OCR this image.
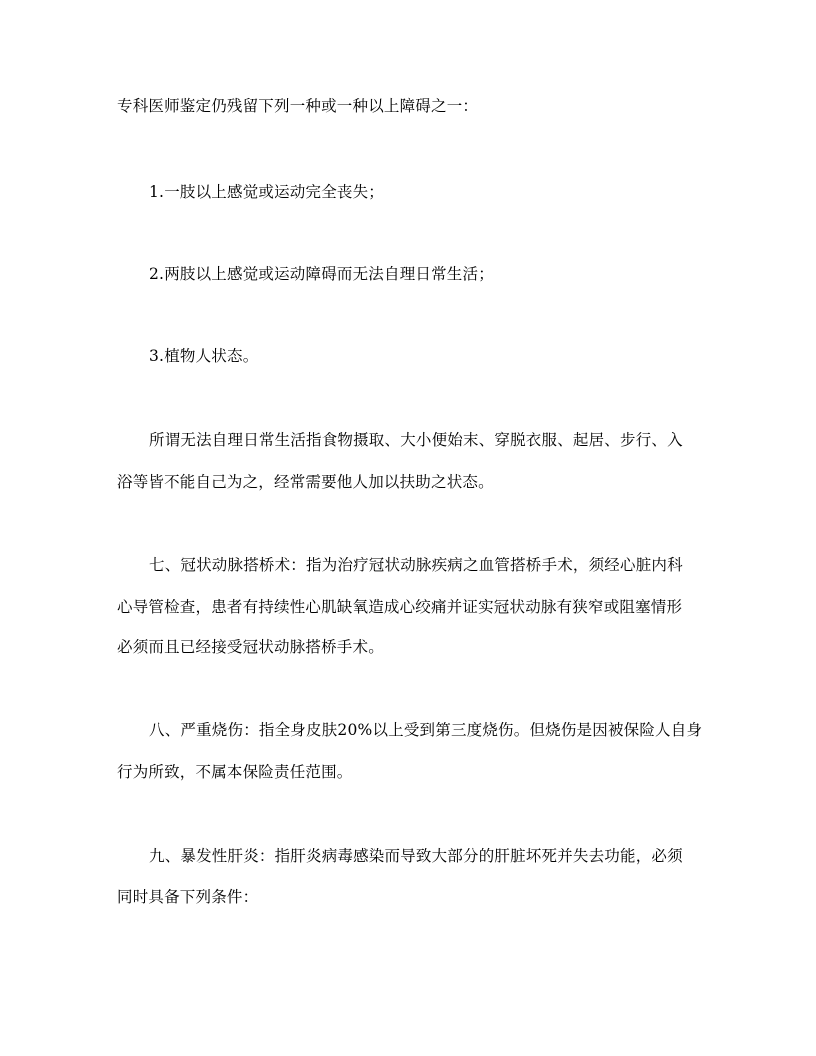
专科医师鉴定仍残留下列一种或一种以上障碍之一：
1.一肢以上感觉或运动完全丧失；
2.两肢以上感觉或运动障碍而无法自理日常生活；
3.植物人状态。
所谓无法自理日常生活指食物摄取、大小便始末、穿脱衣服、起居、步行、入
浴等皆不能自己为之，经常需要他人加以扶助之状态。
七、冠状动脉搭桥术：指为治疗冠状动脉疾病之血管搭桥手术，须经心脏内科
心导管检查，患者有持续性心肌缺氧造成心绞痛并证实冠状动脉有狭窄或阻塞情形
必须而且已经接受冠状动脉搭桥手术。
八、严重烧伤：指全身皮肤20%以上受到第三度烧伤。但烧伤是因被保险人自身
行为所致，不属本保险责任范围。
九、暴发性肝炎：指肝炎病毒感染而导致大部分的肝脏坏死并失去功能，必须
同时具备下列条件：
